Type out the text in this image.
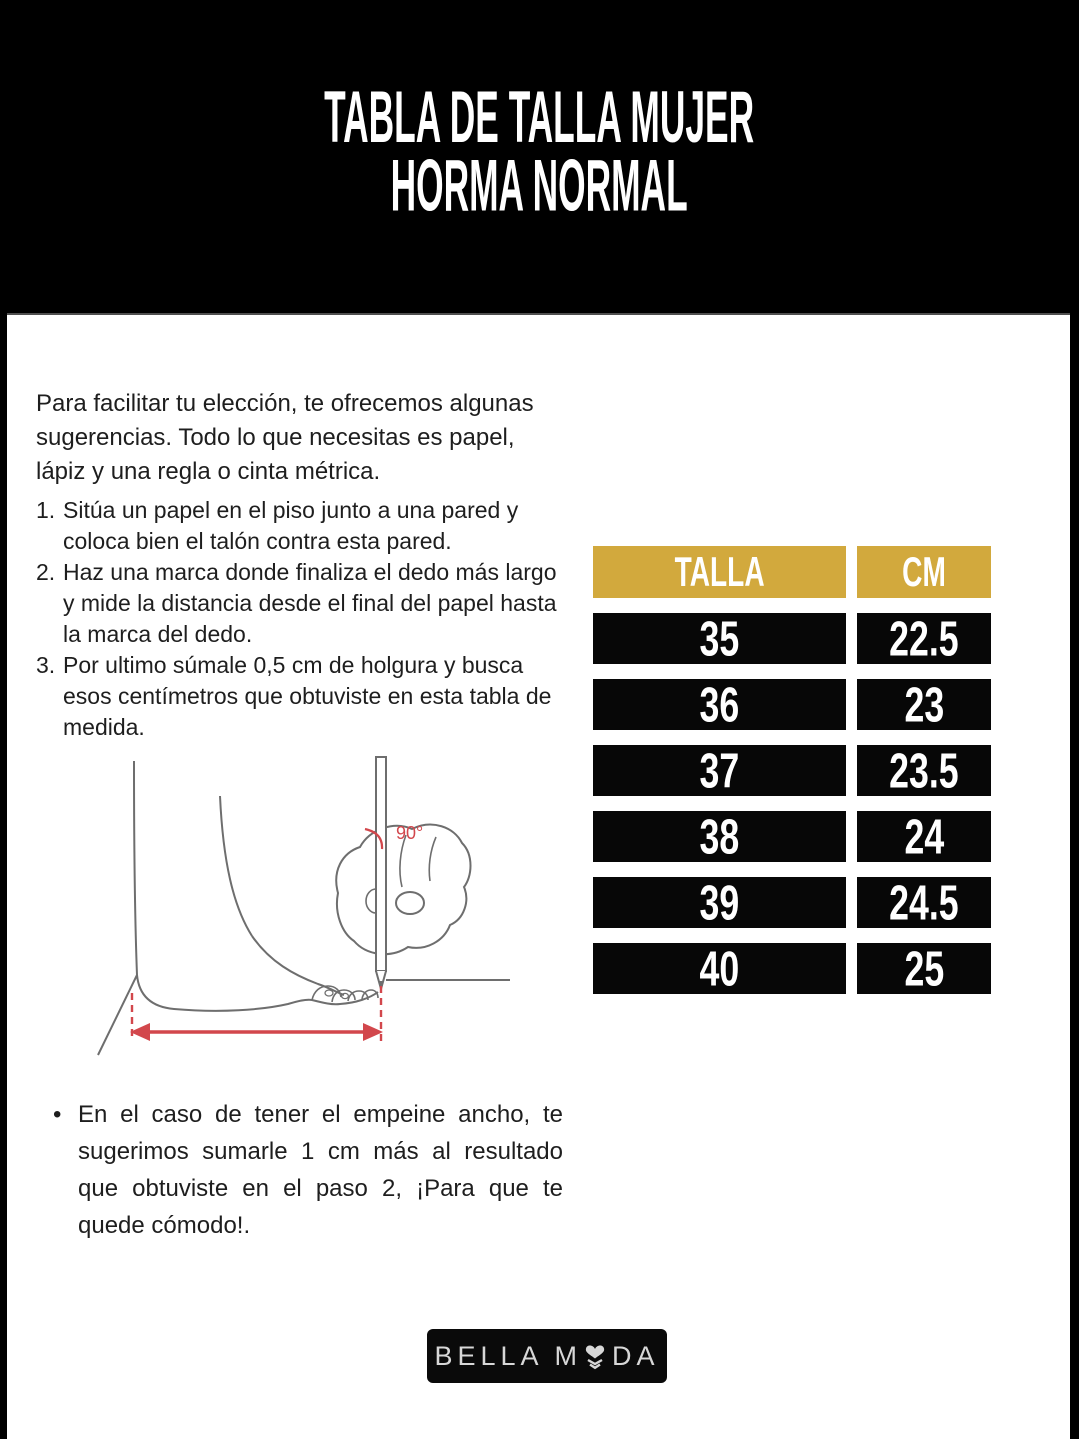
TABLA DE TALLA MUJER
HORMA NORMAL

Para facilitar tu elección, te ofrecemos algunas sugerencias. Todo lo que necesitas es papel, lápiz y una regla o cinta métrica.

Sitúa un papel en el piso junto a una pared y coloca bien el talón contra esta pared.
Haz una marca donde finaliza el dedo más largo y mide la distancia desde el final del papel hasta la marca del dedo.
Por ultimo súmale 0,5 cm de holgura y busca esos centímetros que obtuviste en esta tabla de medida.
TALLA	CM
35	22.5
36	23
37	23.5
38	24
39	24.5
40	25
90°
• En el caso de tener el empeine ancho, te sugerimos sumarle 1 cm más al resultado que obtuviste en el paso 2, ¡Para que te quede cómodo!.
BELLA M DA
